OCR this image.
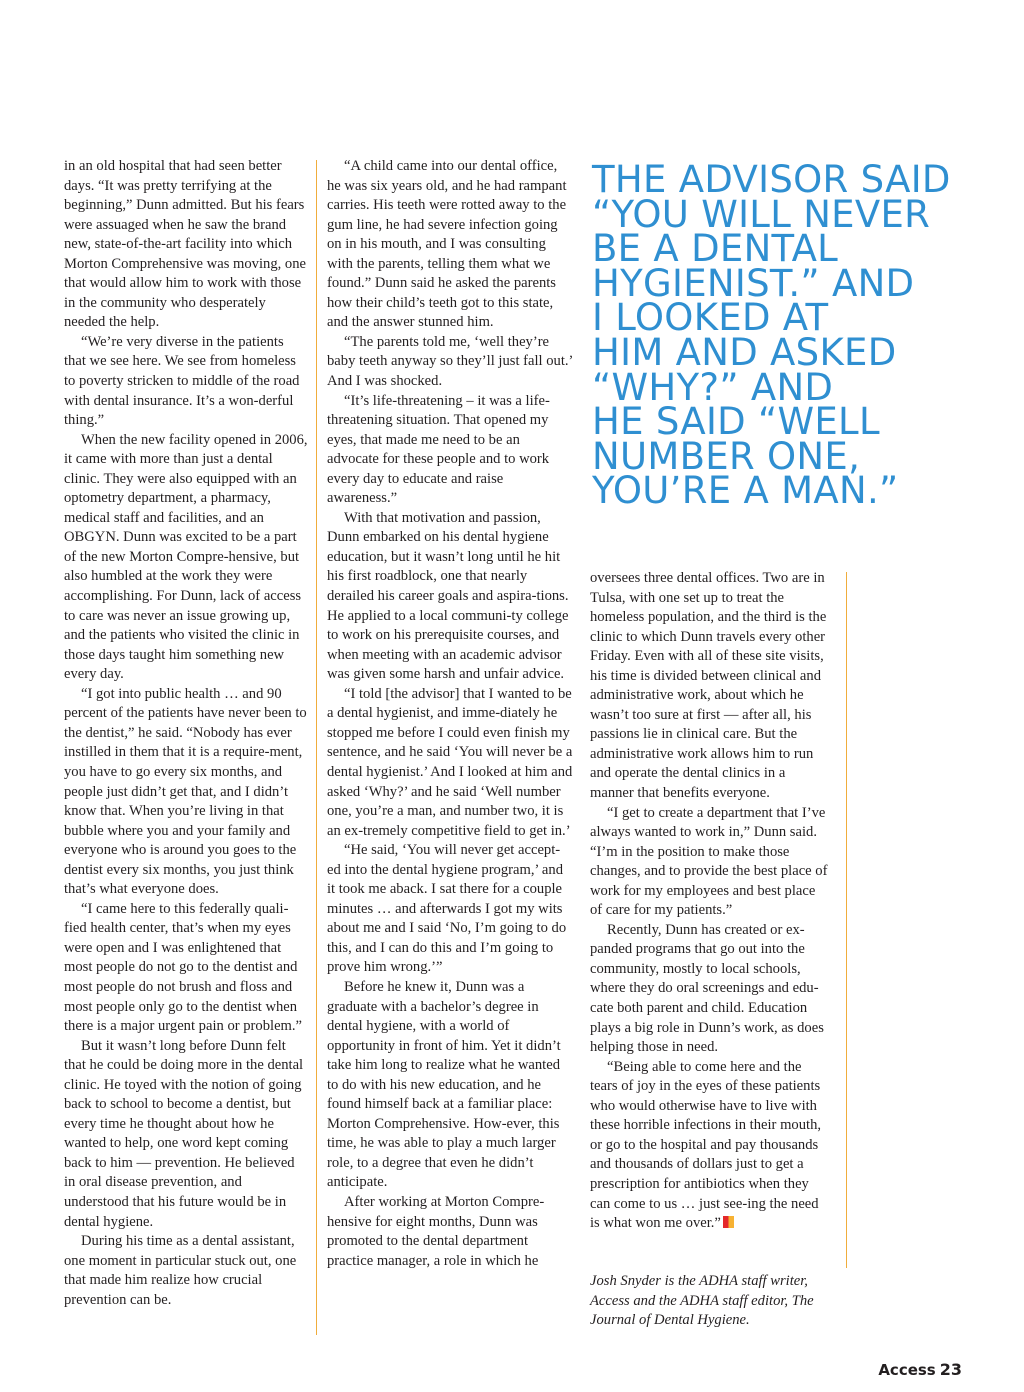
in an old hospital that had seen better days. “It was pretty terrifying at the beginning,” Dunn admitted. But his fears were assuaged when he saw the brand new, state-of-the-art facility into which Morton Comprehensive was moving, one that would allow him to work with those in the community who desperately needed the help.

“We’re very diverse in the patients that we see here. We see from homeless to poverty stricken to middle of the road with dental insurance. It’s a won-derful thing.”

When the new facility opened in 2006, it came with more than just a dental clinic. They were also equipped with an optometry department, a pharmacy, medical staff and facilities, and an OBGYN. Dunn was excited to be a part of the new Morton Compre-hensive, but also humbled at the work they were accomplishing. For Dunn, lack of access to care was never an issue growing up, and the patients who visited the clinic in those days taught him something new every day.

“I got into public health … and 90 percent of the patients have never been to the dentist,” he said. “Nobody has ever instilled in them that it is a require-ment, you have to go every six months, and people just didn’t get that, and I didn’t know that. When you’re living in that bubble where you and your family and everyone who is around you goes to the dentist every six months, you just think that’s what everyone does.

“I came here to this federally quali-fied health center, that’s when my eyes were open and I was enlightened that most people do not go to the dentist and most people do not brush and floss and most people only go to the dentist when there is a major urgent pain or problem.”

But it wasn’t long before Dunn felt that he could be doing more in the dental clinic. He toyed with the notion of going back to school to become a dentist, but every time he thought about how he wanted to help, one word kept coming back to him — prevention. He believed in oral disease prevention, and understood that his future would be in dental hygiene.

During his time as a dental assistant, one moment in particular stuck out, one that made him realize how crucial prevention can be.

“A child came into our dental office, he was six years old, and he had rampant carries. His teeth were rotted away to the gum line, he had severe infection going on in his mouth, and I was consulting with the parents, telling them what we found.” Dunn said he asked the parents how their child’s teeth got to this state, and the answer stunned him.

“The parents told me, ‘well they’re baby teeth anyway so they’ll just fall out.’ And I was shocked.

“It’s life-threatening – it was a life-threatening situation. That opened my eyes, that made me need to be an advocate for these people and to work every day to educate and raise awareness.”

With that motivation and passion, Dunn embarked on his dental hygiene education, but it wasn’t long until he hit his first roadblock, one that nearly derailed his career goals and aspira-tions. He applied to a local communi-ty college to work on his prerequisite courses, and when meeting with an academic advisor was given some harsh and unfair advice.

“I told [the advisor] that I wanted to be a dental hygienist, and imme-diately he stopped me before I could even finish my sentence, and he said ‘You will never be a dental hygienist.’ And I looked at him and asked ‘Why?’ and he said ‘Well number one, you’re a man, and number two, it is an ex-tremely competitive field to get in.’

“He said, ‘You will never get accept-ed into the dental hygiene program,’ and it took me aback. I sat there for a couple minutes … and afterwards I got my wits about me and I said ‘No, I’m going to do this, and I can do this and I’m going to prove him wrong.’”

Before he knew it, Dunn was a graduate with a bachelor’s degree in dental hygiene, with a world of opportunity in front of him. Yet it didn’t take him long to realize what he wanted to do with his new education, and he found himself back at a familiar place: Morton Comprehensive. How-ever, this time, he was able to play a much larger role, to a degree that even he didn’t anticipate.

After working at Morton Compre-hensive for eight months, Dunn was promoted to the dental department practice manager, a role in which he

THE ADVISOR SAID “YOU WILL NEVER
BE A DENTAL
HYGIENIST.” AND
I LOOKED AT
HIM AND ASKED
“WHY?” AND
HE SAID “WELL
NUMBER ONE,
YOU’RE A MAN.”

oversees three dental offices. Two are in Tulsa, with one set up to treat the homeless population, and the third is the clinic to which Dunn travels every other Friday. Even with all of these site visits, his time is divided between clinical and administrative work, about which he wasn’t too sure at first — after all, his passions lie in clinical care. But the administrative work allows him to run and operate the dental clinics in a manner that benefits everyone.

“I get to create a department that I’ve always wanted to work in,” Dunn said. “I’m in the position to make those changes, and to provide the best place of work for my employees and best place of care for my patients.”

Recently, Dunn has created or ex-panded programs that go out into the community, mostly to local schools, where they do oral screenings and edu-cate both parent and child. Education plays a big role in Dunn’s work, as does helping those in need.

“Being able to come here and the tears of joy in the eyes of these patients who would otherwise have to live with these horrible infections in their mouth, or go to the hospital and pay thousands and thousands of dollars just to get a prescription for antibiotics when they can come to us … just see-ing the need is what won me over.”

Josh Snyder is the ADHA staff writer, Access and the ADHA staff editor, The Journal of Dental Hygiene.

Access 23
